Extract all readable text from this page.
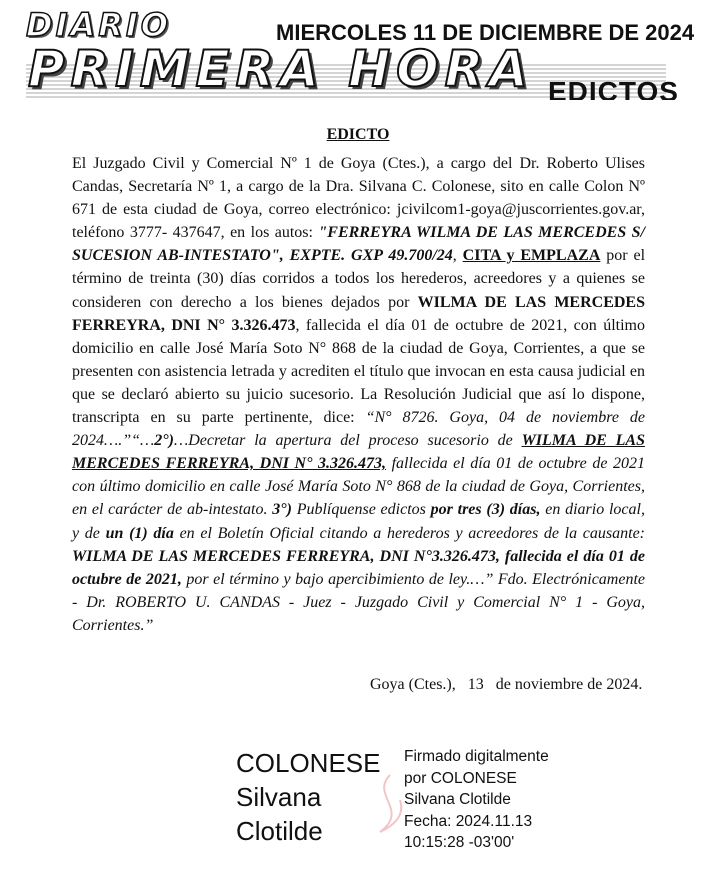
DIARIO
PRIMERA HORA
MIERCOLES 11 DE DICIEMBRE DE 2024
EDICTOS
EDICTO
El Juzgado Civil y Comercial Nº 1 de Goya (Ctes.), a cargo del Dr. Roberto Ulises Candas, Secretaría Nº 1, a cargo de la Dra. Silvana C. Colonese, sito en calle Colon Nº 671 de esta ciudad de Goya, correo electrónico: jcivilcom1-goya@juscorrientes.gov.ar, teléfono 3777- 437647, en los autos: "FERREYRA WILMA DE LAS MERCEDES S/ SUCESION AB-INTESTATO", EXPTE. GXP 49.700/24, CITA y EMPLAZA por el término de treinta (30) días corridos a todos los herederos, acreedores y a quienes se consideren con derecho a los bienes dejados por WILMA DE LAS MERCEDES FERREYRA, DNI N° 3.326.473, fallecida el día 01 de octubre de 2021, con último domicilio en calle José María Soto N° 868 de la ciudad de Goya, Corrientes, a que se presenten con asistencia letrada y acrediten el título que invocan en esta causa judicial en que se declaró abierto su juicio sucesorio. La Resolución Judicial que así lo dispone, transcripta en su parte pertinente, dice: “N° 8726. Goya, 04 de noviembre de 2024….”“…2°)…Decretar la apertura del proceso sucesorio de WILMA DE LAS MERCEDES FERREYRA, DNI N° 3.326.473, fallecida el día 01 de octubre de 2021 con último domicilio en calle José María Soto N° 868 de la ciudad de Goya, Corrientes, en el carácter de ab-intestato. 3°) Publíquense edictos por tres (3) días, en diario local, y de un (1) día en el Boletín Oficial citando a herederos y acreedores de la causante: WILMA DE LAS MERCEDES FERREYRA, DNI N°3.326.473, fallecida el día 01 de octubre de 2021, por el término y bajo apercibimiento de ley.…” Fdo. Electrónicamente - Dr. ROBERTO U. CANDAS - Juez - Juzgado Civil y Comercial N° 1 - Goya, Corrientes.”
Goya (Ctes.),   13   de noviembre de 2024.
COLONESE
Silvana
Clotilde
Firmado digitalmente
por COLONESE
Silvana Clotilde
Fecha: 2024.11.13
10:15:28 -03'00'
